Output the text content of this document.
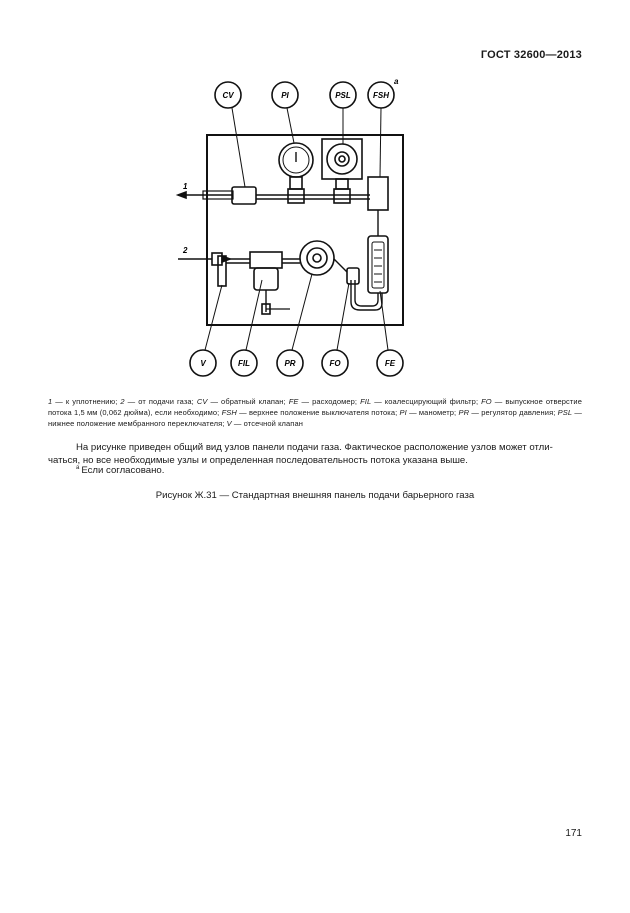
ГОСТ 32600—2013
CV	PI	PSL	FSH
a
V	FIL	PR	FO	FE
1
2
1 — к уплотнению; 2 — от подачи газа; CV — обратный клапан; FE — расходомер; FIL — коалесцирующий фильтр; FO — выпускное отверстие потока 1,5 мм (0,062 дюйма), если необходимо; FSH — верхнее положение выключателя потока; PI — манометр; PR — регулятор давления; PSL — нижнее положение мембранного переключателя; V — отсечной клапан
На рисунке приведен общий вид узлов панели подачи газа. Фактическое расположение узлов может отли-
чаться, но все необходимые узлы и определенная последовательность потока указана выше.
$^a$ Если согласовано.
Рисунок Ж.31 — Стандартная внешняя панель подачи барьерного газа
171
